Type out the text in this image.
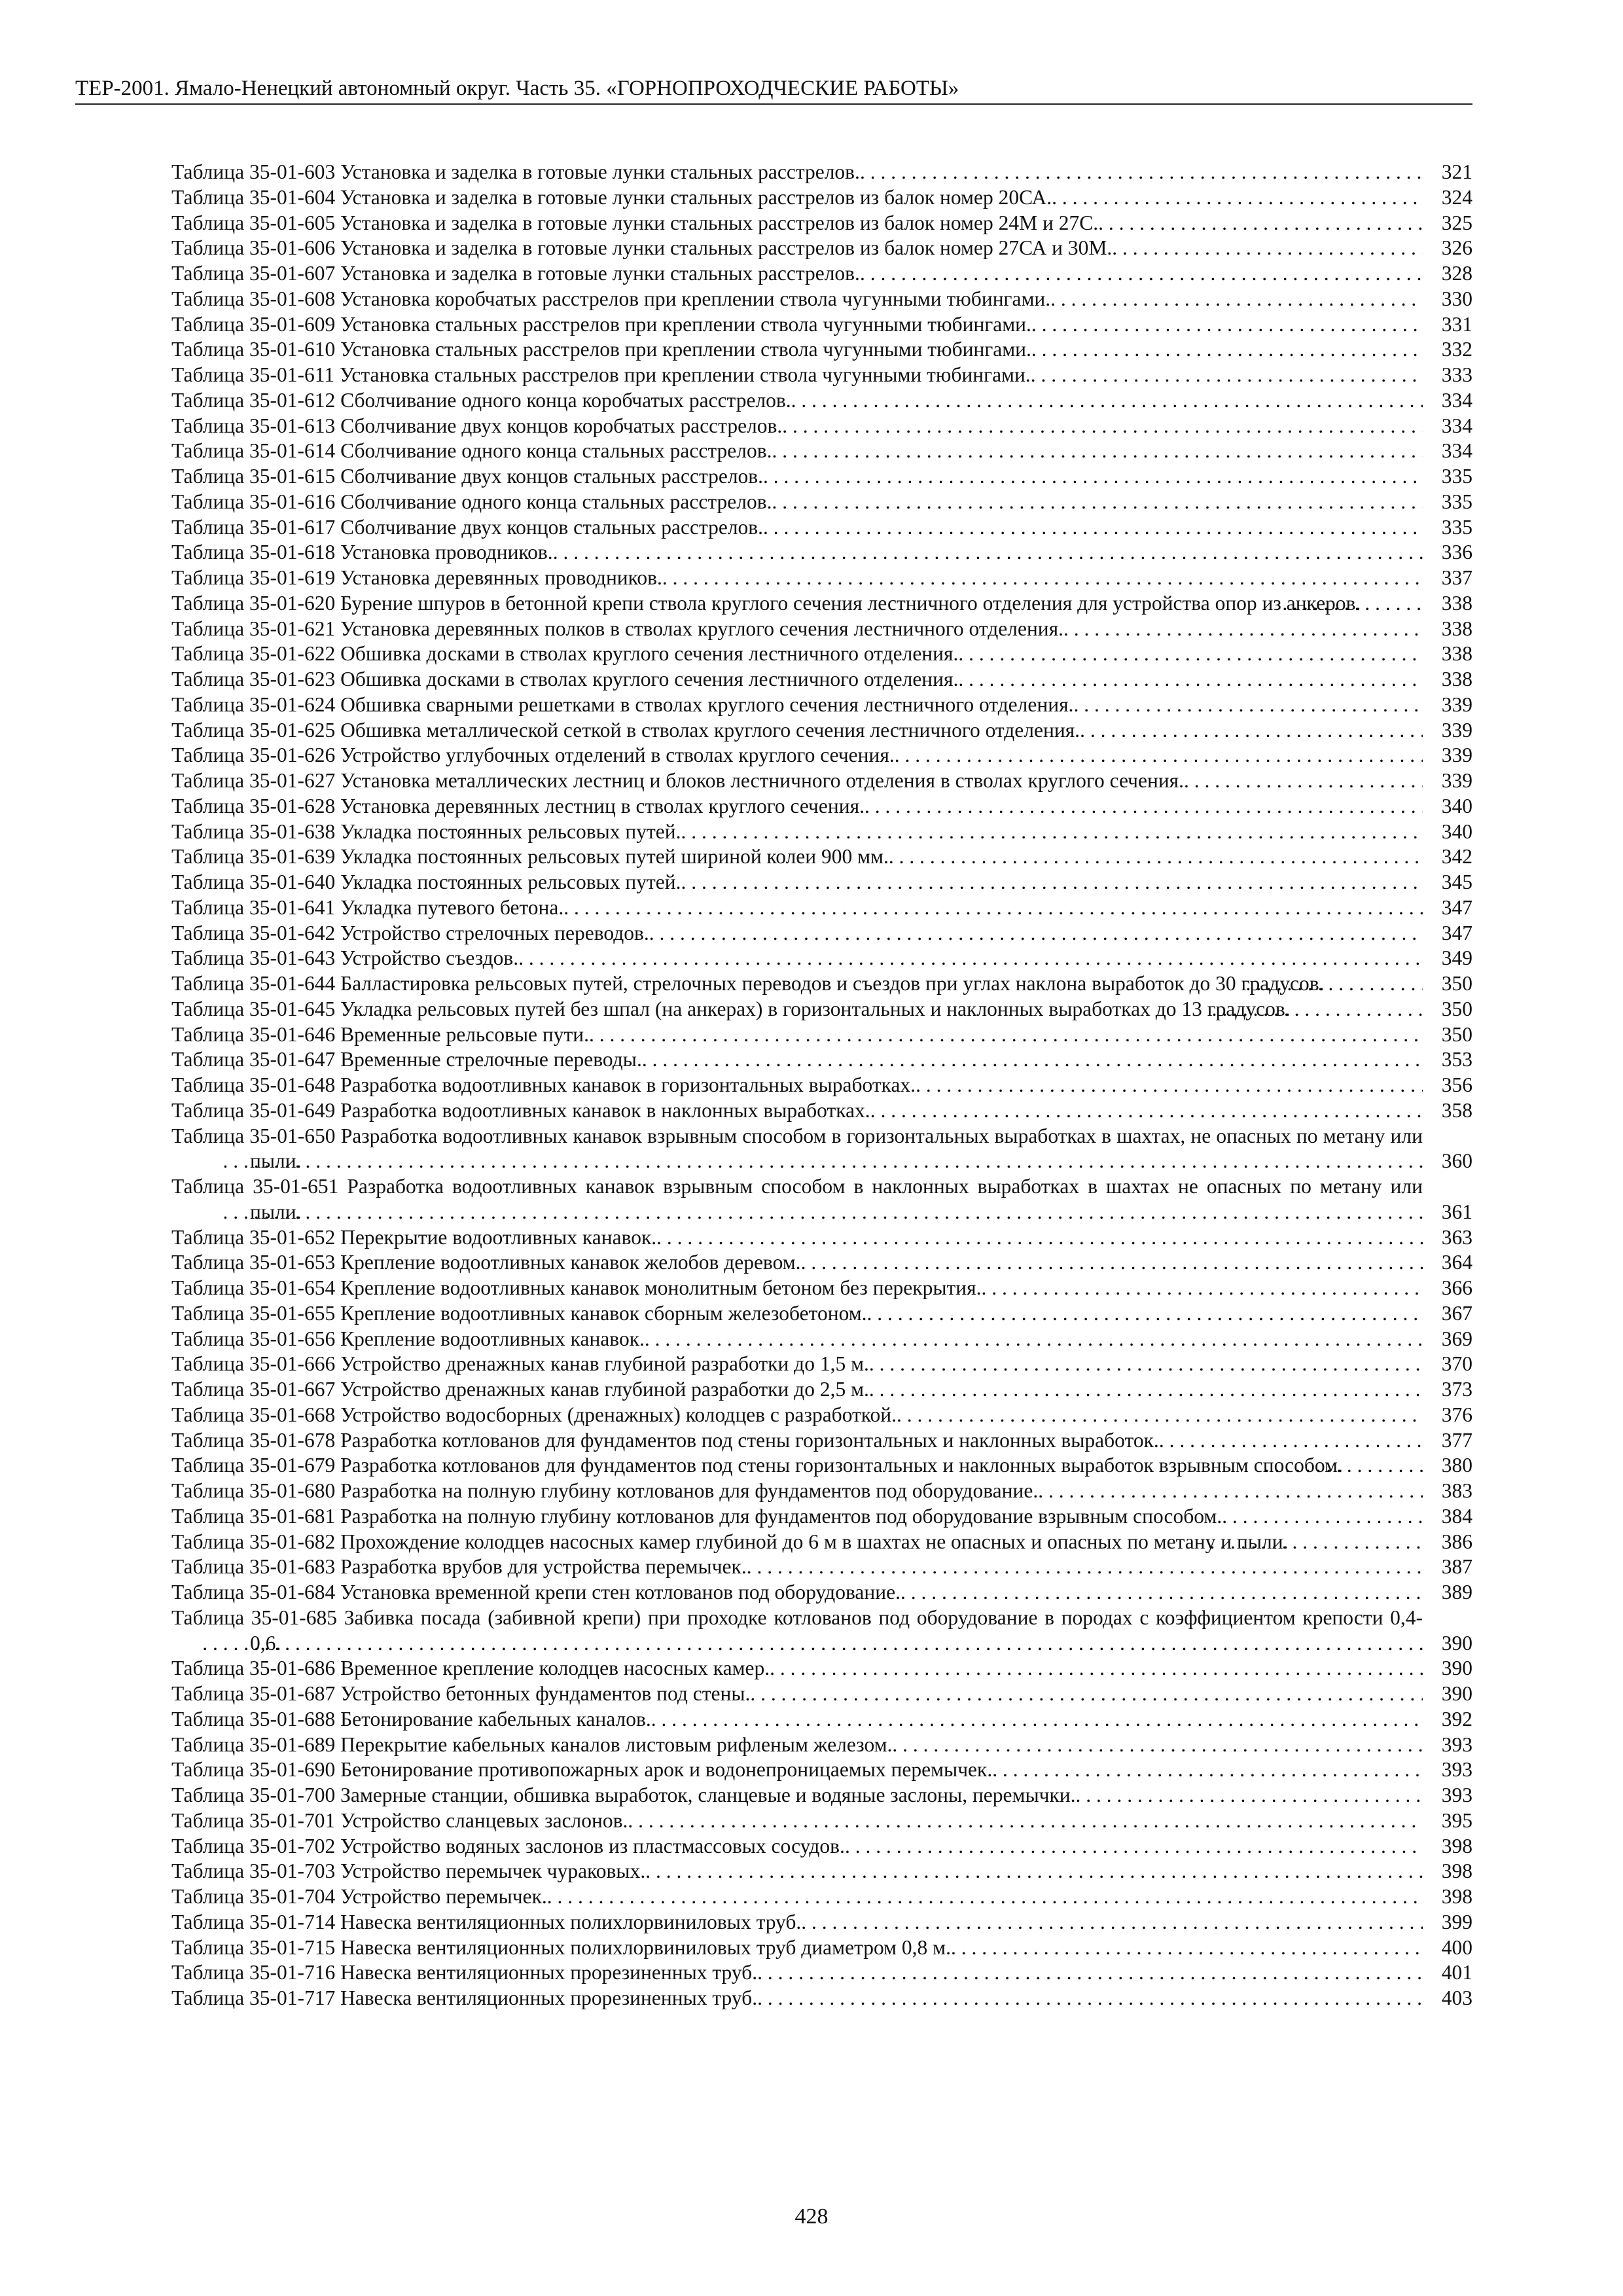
ТЕР-2001. Ямало-Ненецкий автономный округ. Часть 35. «ГОРНОПРОХОДЧЕСКИЕ РАБОТЫ»
Таблица 35-01-603 Установка и заделка в готовые лунки стальных расстрелов. . . .	321
Таблица 35-01-604 Установка и заделка в готовые лунки стальных расстрелов из балок номер 20СА. . . .	324
Таблица 35-01-605 Установка и заделка в готовые лунки стальных расстрелов из балок номер 24М и 27С. . . .	325
Таблица 35-01-606 Установка и заделка в готовые лунки стальных расстрелов из балок номер 27СА и 30М. . . .	326
Таблица 35-01-607 Установка и заделка в готовые лунки стальных расстрелов. . . .	328
Таблица 35-01-608 Установка коробчатых расстрелов при креплении ствола чугунными тюбингами. . . .	330
Таблица 35-01-609 Установка стальных расстрелов при креплении ствола чугунными тюбингами. . . .	331
Таблица 35-01-610 Установка стальных расстрелов при креплении ствола чугунными тюбингами. . . .	332
Таблица 35-01-611 Установка стальных расстрелов при креплении ствола чугунными тюбингами. . . .	333
Таблица 35-01-612 Сболчивание одного конца коробчатых расстрелов. . . .	334
Таблица 35-01-613 Сболчивание двух концов коробчатых расстрелов. . . .	334
Таблица 35-01-614 Сболчивание одного конца стальных расстрелов. . . .	334
Таблица 35-01-615 Сболчивание двух концов стальных расстрелов. . . .	335
Таблица 35-01-616 Сболчивание одного конца стальных расстрелов. . . .	335
Таблица 35-01-617 Сболчивание двух концов стальных расстрелов. . . .	335
Таблица 35-01-618 Установка проводников. . . .	336
Таблица 35-01-619 Установка деревянных проводников. . . .	337
Таблица 35-01-620 Бурение шпуров в бетонной крепи ствола круглого сечения лестничного отделения для устройства опор из анкеров. . . .	338
Таблица 35-01-621 Установка деревянных полков в стволах круглого сечения лестничного отделения. . . .	338
Таблица 35-01-622 Обшивка досками в стволах круглого сечения лестничного отделения. . . .	338
Таблица 35-01-623 Обшивка досками в стволах круглого сечения лестничного отделения. . . .	338
Таблица 35-01-624 Обшивка сварными решетками в стволах круглого сечения лестничного отделения. . . .	339
Таблица 35-01-625 Обшивка металлической сеткой в стволах круглого сечения лестничного отделения. . . .	339
Таблица 35-01-626 Устройство углубочных отделений в стволах круглого сечения. . . .	339
Таблица 35-01-627 Установка металлических лестниц и блоков лестничного отделения в стволах круглого сечения. . . .	339
Таблица 35-01-628 Установка деревянных лестниц в стволах круглого сечения. . . .	340
Таблица 35-01-638 Укладка постоянных рельсовых путей. . . .	340
Таблица 35-01-639 Укладка постоянных рельсовых путей шириной колеи 900 мм. . . .	342
Таблица 35-01-640 Укладка постоянных рельсовых путей. . . .	345
Таблица 35-01-641 Укладка путевого бетона. . . .	347
Таблица 35-01-642 Устройство стрелочных переводов. . . .	347
Таблица 35-01-643 Устройство съездов. . . .	349
Таблица 35-01-644 Балластировка рельсовых путей, стрелочных переводов и съездов при углах наклона выработок до 30 градусов. . . .	350
Таблица 35-01-645 Укладка рельсовых путей без шпал (на анкерах) в горизонтальных и наклонных выработках до 13 градусов. . . .	350
Таблица 35-01-646 Временные рельсовые пути. . . .	350
Таблица 35-01-647 Временные стрелочные переводы. . . .	353
Таблица 35-01-648 Разработка водоотливных канавок в горизонтальных выработках. . . .	356
Таблица 35-01-649 Разработка водоотливных канавок в наклонных выработках. . . .	358
Таблица 35-01-650 Разработка водоотливных канавок взрывным способом в горизонтальных выработках в шахтах, не опасных по метану или пыли. . . .	360
Таблица 35-01-651 Разработка водоотливных канавок взрывным способом в наклонных выработках в шахтах не опасных по метану или пыли. . . .	361
Таблица 35-01-652 Перекрытие водоотливных канавок. . . .	363
Таблица 35-01-653 Крепление водоотливных канавок желобов деревом. . . .	364
Таблица 35-01-654 Крепление водоотливных канавок монолитным бетоном без перекрытия. . . .	366
Таблица 35-01-655 Крепление водоотливных канавок сборным железобетоном. . . .	367
Таблица 35-01-656 Крепление водоотливных канавок. . . .	369
Таблица 35-01-666 Устройство дренажных канав глубиной разработки до 1,5 м. . . .	370
Таблица 35-01-667 Устройство дренажных канав глубиной разработки до 2,5 м. . . .	373
Таблица 35-01-668 Устройство водосборных (дренажных) колодцев с разработкой. . . .	376
Таблица 35-01-678 Разработка котлованов для фундаментов под стены горизонтальных и наклонных выработок. . . .	377
Таблица 35-01-679 Разработка котлованов для фундаментов под стены горизонтальных и наклонных выработок взрывным способом. . . .	380
Таблица 35-01-680 Разработка на полную глубину котлованов для фундаментов под оборудование. . . .	383
Таблица 35-01-681 Разработка на полную глубину котлованов для фундаментов под оборудование взрывным способом. . . .	384
Таблица 35-01-682 Прохождение колодцев насосных камер глубиной до 6 м в шахтах не опасных и опасных по метану и пыли. . . .	386
Таблица 35-01-683 Разработка врубов для устройства перемычек. . . .	387
Таблица 35-01-684 Установка временной крепи стен котлованов под оборудование. . . .	389
Таблица 35-01-685 Забивка посада (забивной крепи) при проходке котлованов под оборудование в породах с коэффициентом крепости 0,4-0,6. . . .	390
Таблица 35-01-686 Временное крепление колодцев насосных камер. . . .	390
Таблица 35-01-687 Устройство бетонных фундаментов под стены. . . .	390
Таблица 35-01-688 Бетонирование кабельных каналов. . . .	392
Таблица 35-01-689 Перекрытие кабельных каналов листовым рифленым железом. . . .	393
Таблица 35-01-690 Бетонирование противопожарных арок и водонепроницаемых перемычек. . . .	393
Таблица 35-01-700 Замерные станции, обшивка выработок, сланцевые и водяные заслоны, перемычки. . . .	393
Таблица 35-01-701 Устройство сланцевых заслонов. . . .	395
Таблица 35-01-702 Устройство водяных заслонов из пластмассовых сосудов. . . .	398
Таблица 35-01-703 Устройство перемычек чураковых. . . .	398
Таблица 35-01-704 Устройство перемычек. . . .	398
Таблица 35-01-714 Навеска вентиляционных полихлорвиниловых труб. . . .	399
Таблица 35-01-715 Навеска вентиляционных полихлорвиниловых труб диаметром 0,8 м. . . .	400
Таблица 35-01-716 Навеска вентиляционных прорезиненных труб. . . .	401
Таблица 35-01-717 Навеска вентиляционных прорезиненных труб. . . .	403
428
